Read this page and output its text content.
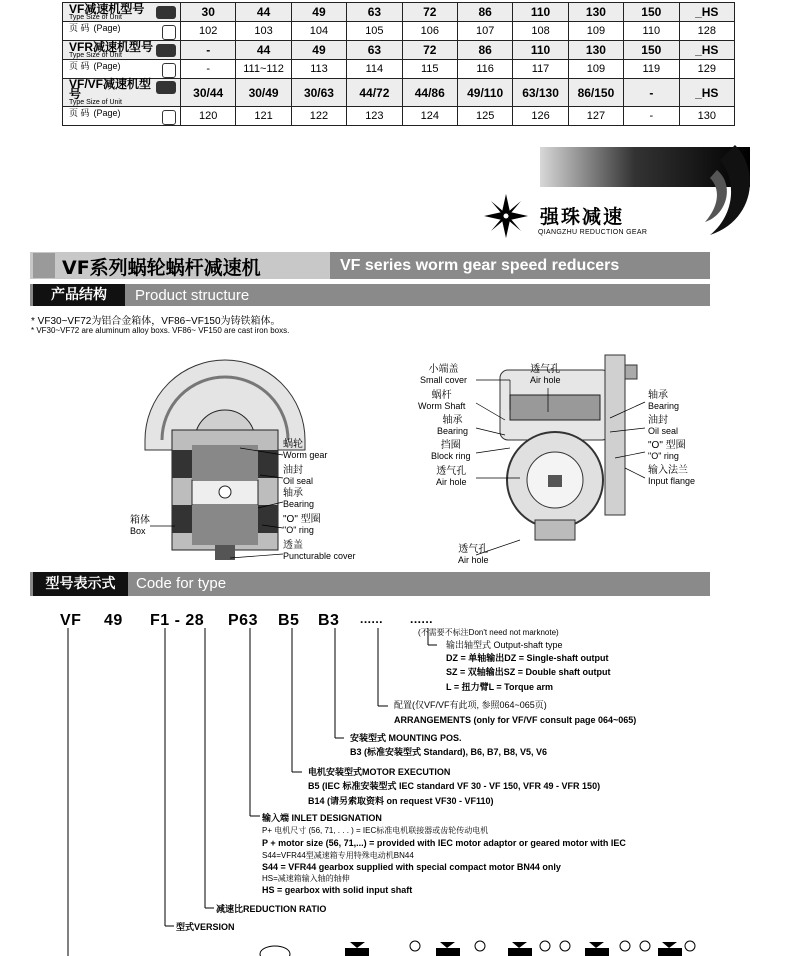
VF减速机型号
Type Size of Unit	30	44	49	63	72	86	110	130	150	_HS

页 码 (Page)	102	103	104	105	106	107	108	109	110	128

VFR减速机型号
Type Size of Unit	-	44	49	63	72	86	110	130	150	_HS

页 码 (Page)	-	111~112	113	114	115	116	117	109	119	129

VF/VF减速机型号
Type Size of Unit	30/44	30/49	30/63	44/72	44/86	49/110	63/130	86/150	-	_HS

页 码 (Page)	120	121	122	123	124	125	126	127	-	130
强珠减速
QIANGZHU REDUCTION GEAR
VF系列蜗轮蜗杆减速机	VF series worm gear speed reducers
产品结构	Product structure
* VF30~VF72为铝合金箱体，VF86~VF150为铸铁箱体。
* VF30~VF72 are aluminum alloy boxs. VF86~ VF150 are cast iron boxs.
蜗轮
Worm gear
油封
Oil seal
轴承
Bearing
"O" 型圈
"O" ring
透盖
Puncturable cover
箱体
Box
小端盖
Small cover
蜗杆
Worm Shaft
轴承
Bearing
挡圈
Block ring
透气孔
Air hole
透气孔
Air hole
轴承
Bearing
油封
Oil seal
"O" 型圈
"O" ring
输入法兰
Input flange
透气孔
Air hole
型号表示式	Code for type
VF 49 F1 - 28 P63 B5 B3 ...... ......
(不需要不标注Don't need not marknote)
输出轴型式 Output-shaft type
DZ = 单轴输出DZ = Single-shaft output
SZ = 双轴输出SZ = Double shaft output
L = 扭力臂L = Torque arm
配置(仅VF/VF有此项, 参照064~065页)
ARRANGEMENTS (only for VF/VF consult page 064~065)
安装型式 MOUNTING POS.
B3 (标准安装型式 Standard), B6, B7, B8, V5, V6
电机安装型式MOTOR EXECUTION
B5 (IEC 标准安装型式 IEC standard VF 30 - VF 150, VFR 49 - VFR 150)
B14 (请另索取资料 on request VF30 - VF110)
输入端 INLET DESIGNATION
P+ 电机尺寸 (56, 71, . . . ) = IEC标准电机联接器或齿轮传动电机
P + motor size (56, 71,...) = provided with IEC motor adaptor or geared motor with IEC
S44=VFR44型减速箱专用特殊电动机BN44
S44 = VFR44 gearbox supplied with special compact motor BN44 only
HS=减速箱输入轴的轴伸
HS = gearbox with solid input shaft
减速比REDUCTION RATIO
型式VERSION
